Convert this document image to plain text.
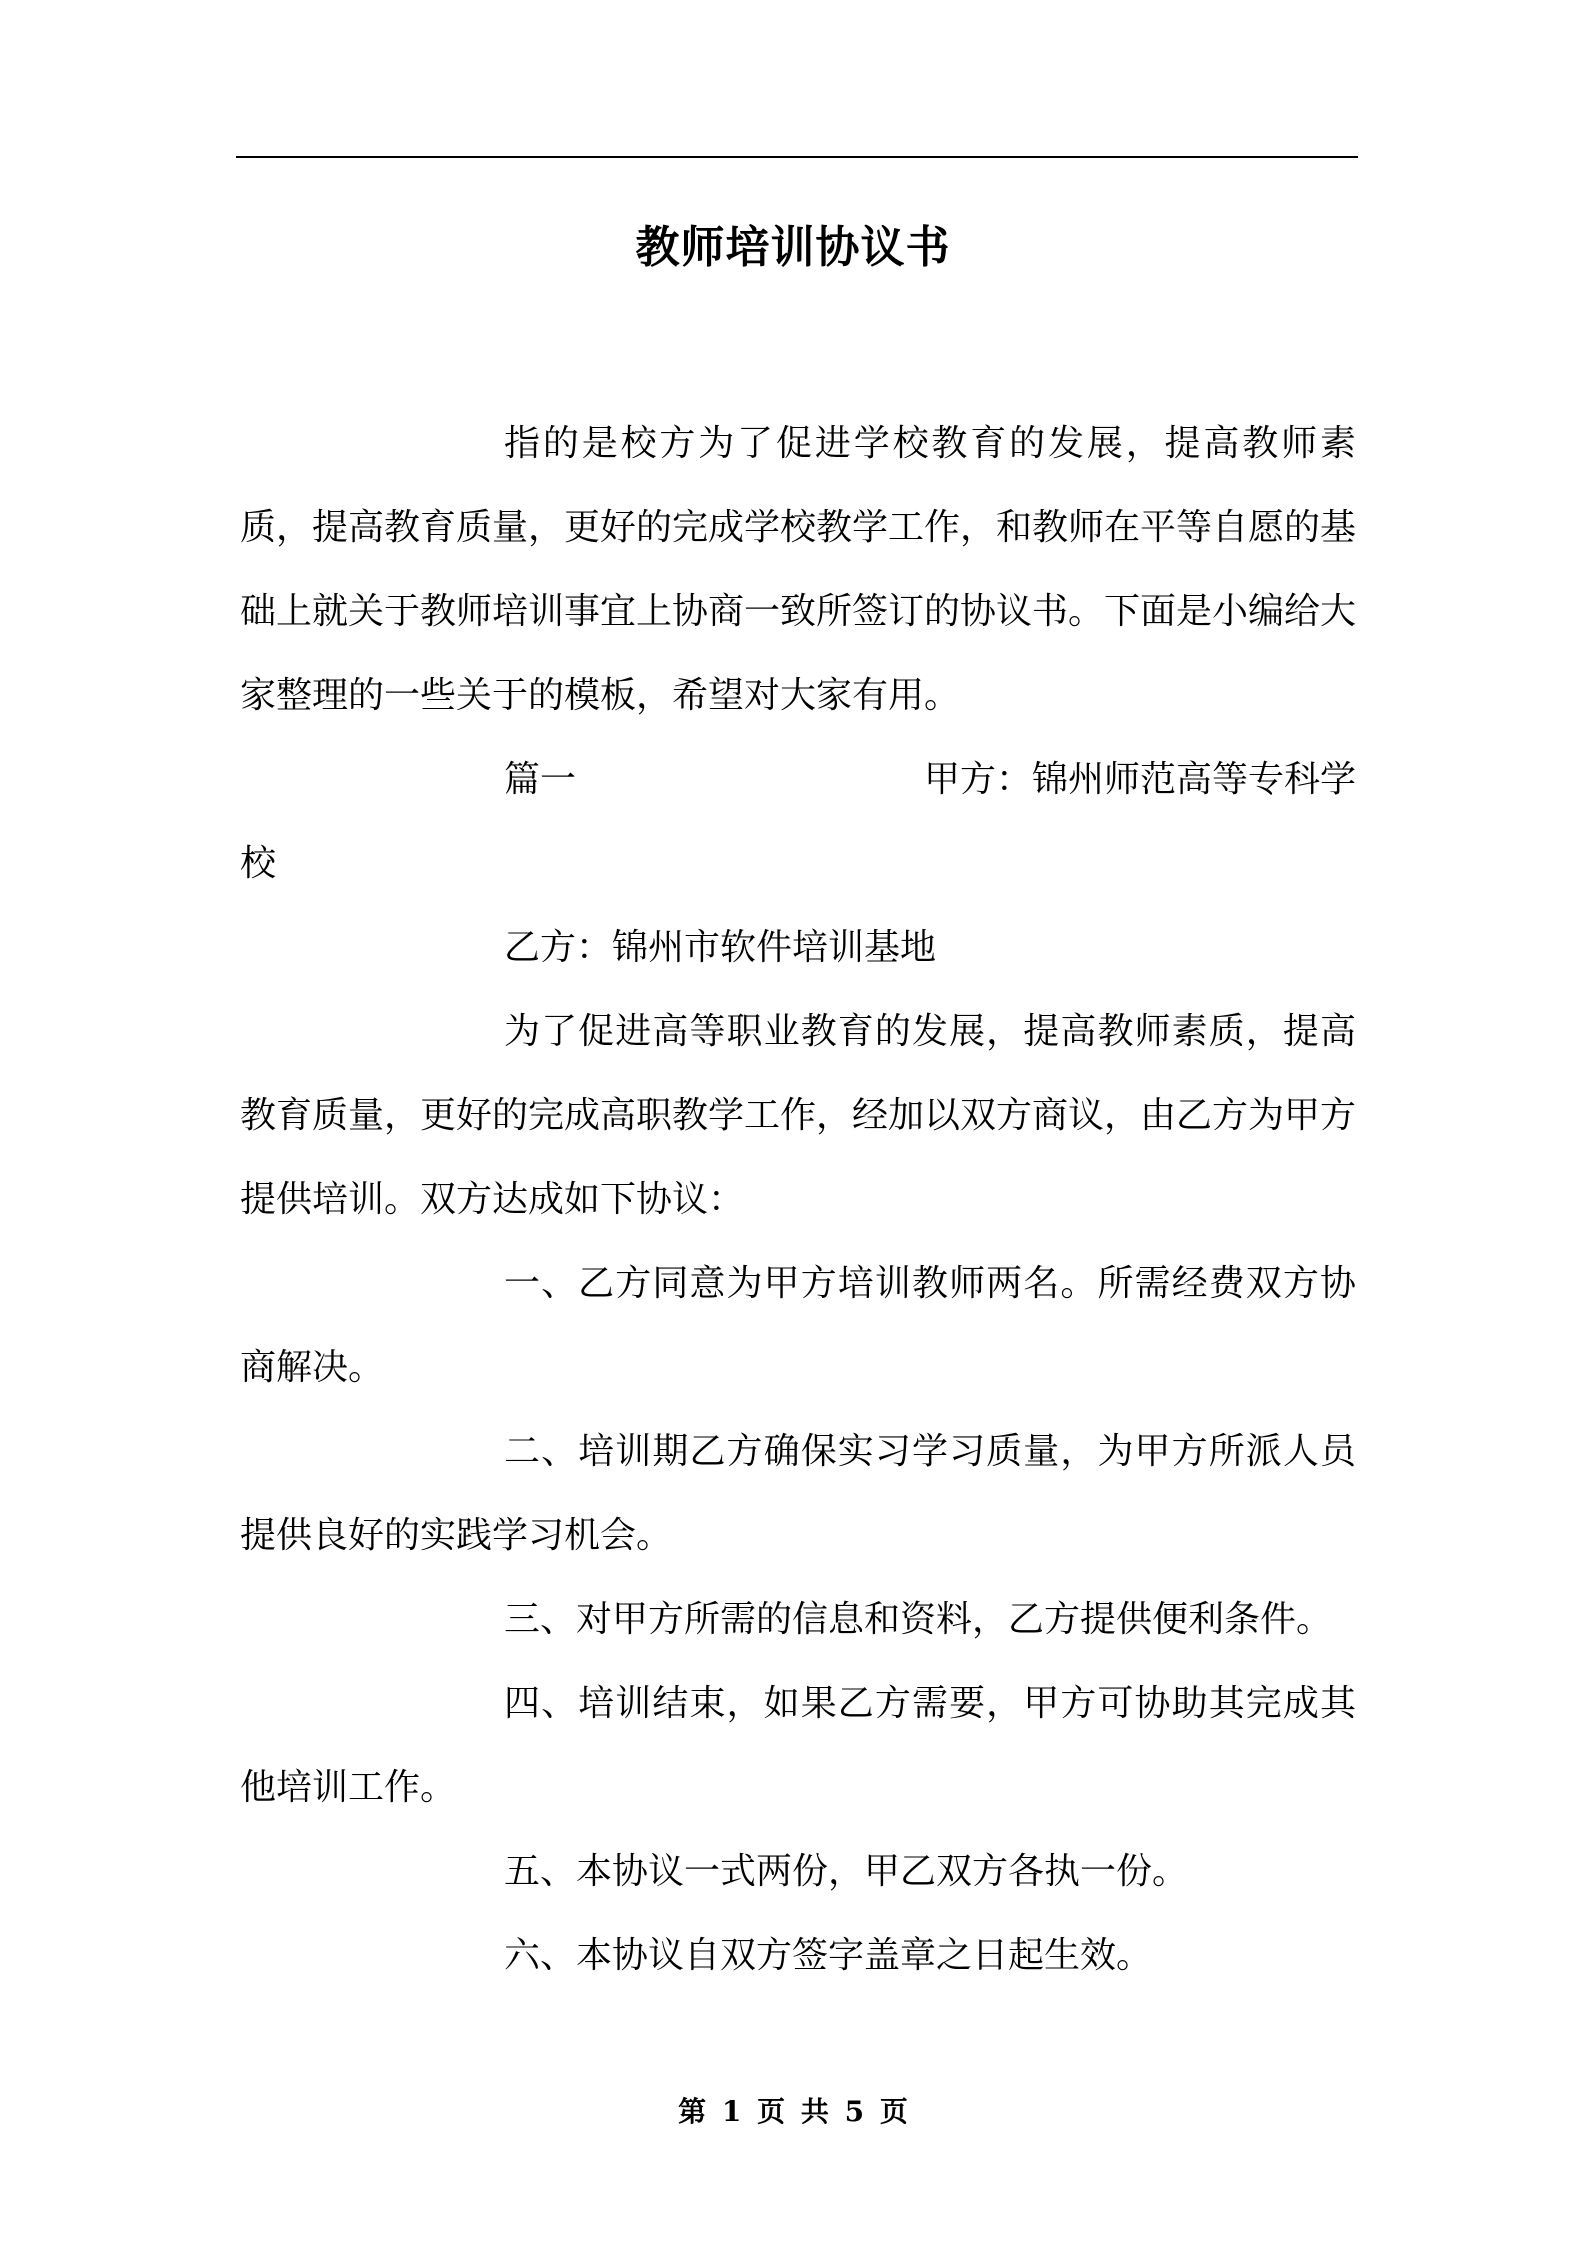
教师培训协议书

指的是校方为了促进学校教育的发展，提高教师素质，提高教育质量，更好的完成学校教学工作，和教师在平等自愿的基础上就关于教师培训事宜上协商一致所签订的协议书。下面是小编给大家整理的一些关于的模板，希望对大家有用。

篇一	甲方：锦州师范高等专科学

校

乙方：锦州市软件培训基地

为了促进高等职业教育的发展，提高教师素质，提高教育质量，更好的完成高职教学工作，经加以双方商议，由乙方为甲方提供培训。双方达成如下协议：

一、乙方同意为甲方培训教师两名。所需经费双方协商解决。

二、培训期乙方确保实习学习质量，为甲方所派人员提供良好的实践学习机会。

三、对甲方所需的信息和资料，乙方提供便利条件。

四、培训结束，如果乙方需要，甲方可协助其完成其他培训工作。

五、本协议一式两份，甲乙双方各执一份。

六、本协议自双方签字盖章之日起生效。

第 1 页 共 5 页
